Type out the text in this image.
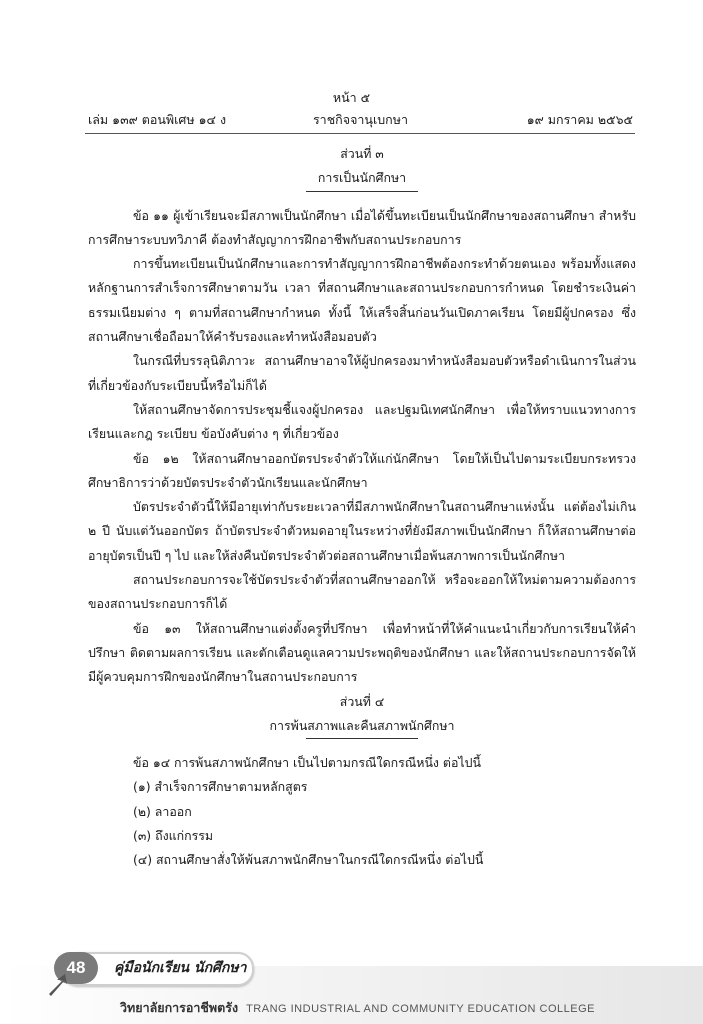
หน้า ๕
เล่ม ๑๓๙ ตอนพิเศษ ๑๔ ง	ราชกิจจานุเบกษา	๑๙ มกราคม ๒๕๖๕
ส่วนที่ ๓
การเป็นนักศึกษา
ข้อ ๑๑ ผู้เข้าเรียนจะมีสภาพเป็นนักศึกษา เมื่อได้ขึ้นทะเบียนเป็นนักศึกษาของสถานศึกษา สำหรับการศึกษาระบบทวิภาคี ต้องทำสัญญาการฝึกอาชีพกับสถานประกอบการ
การขึ้นทะเบียนเป็นนักศึกษาและการทำสัญญาการฝึกอาชีพต้องกระทำด้วยตนเอง พร้อมทั้งแสดงหลักฐานการสำเร็จการศึกษาตามวัน เวลา ที่สถานศึกษาและสถานประกอบการกำหนด โดยชำระเงินค่าธรรมเนียมต่าง ๆ ตามที่สถานศึกษากำหนด ทั้งนี้ ให้เสร็จสิ้นก่อนวันเปิดภาคเรียน โดยมีผู้ปกครอง ซึ่งสถานศึกษาเชื่อถือมาให้คำรับรองและทำหนังสือมอบตัว
ในกรณีที่บรรลุนิติภาวะ สถานศึกษาอาจให้ผู้ปกครองมาทำหนังสือมอบตัวหรือดำเนินการในส่วนที่เกี่ยวข้องกับระเบียบนี้หรือไม่ก็ได้
ให้สถานศึกษาจัดการประชุมชี้แจงผู้ปกครอง และปฐมนิเทศนักศึกษา เพื่อให้ทราบแนวทางการเรียนและกฎ ระเบียบ ข้อบังคับต่าง ๆ ที่เกี่ยวข้อง
ข้อ ๑๒ ให้สถานศึกษาออกบัตรประจำตัวให้แก่นักศึกษา โดยให้เป็นไปตามระเบียบกระทรวงศึกษาธิการว่าด้วยบัตรประจำตัวนักเรียนและนักศึกษา
บัตรประจำตัวนี้ให้มีอายุเท่ากับระยะเวลาที่มีสภาพนักศึกษาในสถานศึกษาแห่งนั้น แต่ต้องไม่เกิน ๒ ปี นับแต่วันออกบัตร ถ้าบัตรประจำตัวหมดอายุในระหว่างที่ยังมีสภาพเป็นนักศึกษา ก็ให้สถานศึกษาต่ออายุบัตรเป็นปี ๆ ไป และให้ส่งคืนบัตรประจำตัวต่อสถานศึกษาเมื่อพ้นสภาพการเป็นนักศึกษา
สถานประกอบการจะใช้บัตรประจำตัวที่สถานศึกษาออกให้ หรือจะออกให้ใหม่ตามความต้องการของสถานประกอบการก็ได้
ข้อ ๑๓ ให้สถานศึกษาแต่งตั้งครูที่ปรึกษา เพื่อทำหน้าที่ให้คำแนะนำเกี่ยวกับการเรียนให้คำปรึกษา ติดตามผลการเรียน และตักเตือนดูแลความประพฤติของนักศึกษา และให้สถานประกอบการจัดให้มีผู้ควบคุมการฝึกของนักศึกษาในสถานประกอบการ
ส่วนที่ ๔
การพ้นสภาพและคืนสภาพนักศึกษา
ข้อ ๑๔ การพ้นสภาพนักศึกษา เป็นไปตามกรณีใดกรณีหนึ่ง ต่อไปนี้
(๑) สำเร็จการศึกษาตามหลักสูตร
(๒) ลาออก
(๓) ถึงแก่กรรม
(๔) สถานศึกษาสั่งให้พ้นสภาพนักศึกษาในกรณีใดกรณีหนึ่ง ต่อไปนี้
48	คู่มือนักเรียน นักศึกษา
วิทยาลัยการอาชีพตรัง TRANG INDUSTRIAL AND COMMUNITY EDUCATION COLLEGE
